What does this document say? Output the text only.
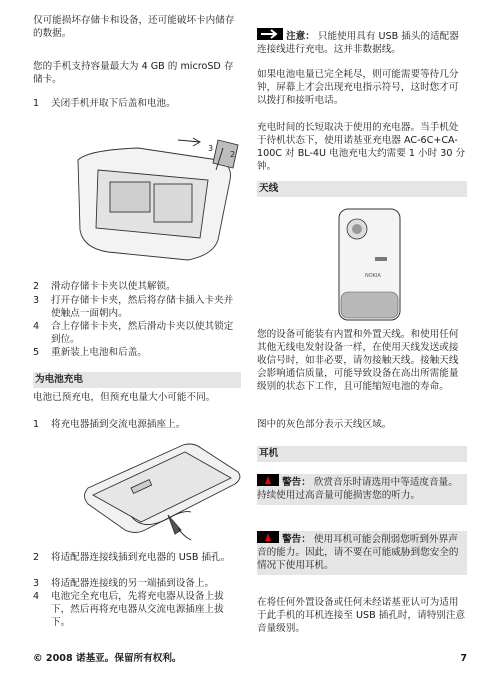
仅可能损坏存储卡和设备，还可能破坏卡内储存的数据。

您的手机支持容量最大为 4 GB 的 microSD 存储卡。

1	关闭手机并取下后盖和电池。
3
2
2	滑动存储卡卡夹以使其解锁。
3	打开存储卡卡夹，然后将存储卡插入卡夹并使触点一面朝内。
4	合上存储卡卡夹，然后滑动卡夹以使其锁定到位。
5	重新装上电池和后盖。
为电池充电

电池已预充电，但预充电量大小可能不同。

1	将充电器插到交流电源插座上。
2	将适配器连接线插到充电器的 USB 插孔。
3	将适配器连接线的另一端插到设备上。
4	电池完全充电后，先将充电器从设备上拔下，然后再将充电器从交流电源插座上拔下。
注意： 只能使用具有 USB 插头的适配器连接线进行充电。这并非数据线。

如果电池电量已完全耗尽，则可能需要等待几分钟，屏幕上才会出现充电指示符号，这时您才可以拨打和接听电话。

充电时间的长短取决于使用的充电器。当手机处于待机状态下，使用诺基亚充电器 AC-6C+CA-100C 对 BL-4U 电池充电大约需要 1 小时 30 分钟。

天线
NOKIA

您的设备可能装有内置和外置天线。和使用任何其他无线电发射设备一样，在使用天线发送或接收信号时，如非必要，请勿接触天线。接触天线会影响通信质量，可能导致设备在高出所需能量级别的状态下工作，且可能缩短电池的寿命。

图中的灰色部分表示天线区域。

耳机
警告： 欣赏音乐时请选用中等适度音量。持续使用过高音量可能损害您的听力。
警告： 使用耳机可能会削弱您听到外界声音的能力。因此，请不要在可能威胁到您安全的情况下使用耳机。

在将任何外置设备或任何未经诺基亚认可为适用于此手机的耳机连接至 USB 插孔时，请特别注意音量级别。

© 2008 诺基亚。保留所有权利。	7
